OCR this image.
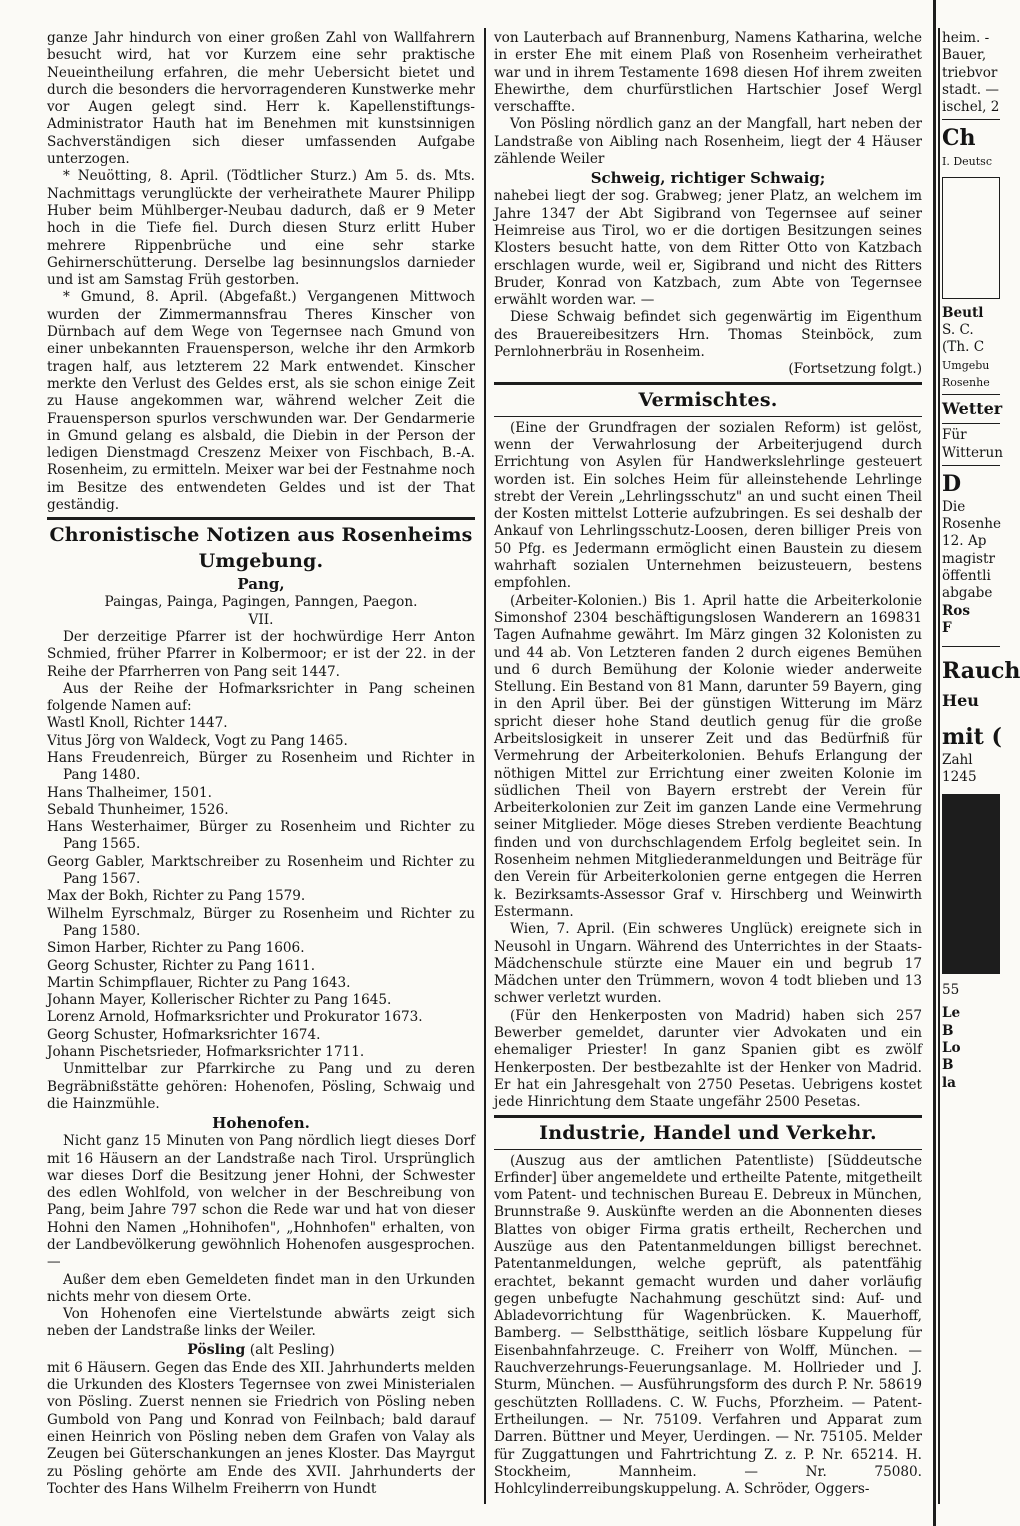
ganze Jahr hindurch von einer großen Zahl von Wallfahrern besucht wird, hat vor Kurzem eine sehr praktische Neueintheilung erfahren, die mehr Uebersicht bietet und durch die besonders die hervorragenderen Kunstwerke mehr vor Augen gelegt sind. Herr k. Kapellenstiftungs-Administrator Hauth hat im Benehmen mit kunstsinnigen Sachverständigen sich dieser umfassenden Aufgabe unterzogen.

* Neuötting, 8. April. (Tödtlicher Sturz.) Am 5. ds. Mts. Nachmittags verunglückte der verheirathete Maurer Philipp Huber beim Mühlberger-Neubau dadurch, daß er 9 Meter hoch in die Tiefe fiel. Durch diesen Sturz erlitt Huber mehrere Rippenbrüche und eine sehr starke Gehirnerschütterung. Derselbe lag besinnungslos darnieder und ist am Samstag Früh gestorben.

* Gmund, 8. April. (Abgefaßt.) Vergangenen Mittwoch wurden der Zimmermannsfrau Theres Kinscher von Dürnbach auf dem Wege von Tegernsee nach Gmund von einer unbekannten Frauensperson, welche ihr den Armkorb tragen half, aus letzterem 22 Mark entwendet. Kinscher merkte den Verlust des Geldes erst, als sie schon einige Zeit zu Hause angekommen war, während welcher Zeit die Frauensperson spurlos verschwunden war. Der Gendarmerie in Gmund gelang es alsbald, die Diebin in der Person der ledigen Dienstmagd Creszenz Meixer von Fischbach, B.-A. Rosenheim, zu ermitteln. Meixer war bei der Festnahme noch im Besitze des entwendeten Geldes und ist der That geständig.

Chronistische Notizen aus Rosenheims Umgebung.
Pang,

Paingas, Painga, Pagingen, Panngen, Paegon.

VII.

Der derzeitige Pfarrer ist der hochwürdige Herr Anton Schmied, früher Pfarrer in Kolbermoor; er ist der 22. in der Reihe der Pfarrherren von Pang seit 1447.

Aus der Reihe der Hofmarksrichter in Pang scheinen folgende Namen auf:

Wastl Knoll, Richter 1447.

Vitus Jörg von Waldeck, Vogt zu Pang 1465.

Hans Freudenreich, Bürger zu Rosenheim und Richter in Pang 1480.

Hans Thalheimer, 1501.

Sebald Thunheimer, 1526.

Hans Westerhaimer, Bürger zu Rosenheim und Richter zu Pang 1565.

Georg Gabler, Marktschreiber zu Rosenheim und Richter zu Pang 1567.

Max der Bokh, Richter zu Pang 1579.

Wilhelm Eyrschmalz, Bürger zu Rosenheim und Richter zu Pang 1580.

Simon Harber, Richter zu Pang 1606.

Georg Schuster, Richter zu Pang 1611.

Martin Schimpflauer, Richter zu Pang 1643.

Johann Mayer, Kollerischer Richter zu Pang 1645.

Lorenz Arnold, Hofmarksrichter und Prokurator 1673.

Georg Schuster, Hofmarksrichter 1674.

Johann Pischetsrieder, Hofmarksrichter 1711.

Unmittelbar zur Pfarrkirche zu Pang und zu deren Begräbnißstätte gehören: Hohenofen, Pösling, Schwaig und die Hainzmühle.

Hohenofen.

Nicht ganz 15 Minuten von Pang nördlich liegt dieses Dorf mit 16 Häusern an der Landstraße nach Tirol. Ursprünglich war dieses Dorf die Besitzung jener Hohni, der Schwester des edlen Wohlfold, von welcher in der Beschreibung von Pang, beim Jahre 797 schon die Rede war und hat von dieser Hohni den Namen „Hohnihofen", „Hohnhofen" erhalten, von der Landbevölkerung gewöhnlich Hohenofen ausgesprochen. —

Außer dem eben Gemeldeten findet man in den Urkunden nichts mehr von diesem Orte.

Von Hohenofen eine Viertelstunde abwärts zeigt sich neben der Landstraße links der Weiler.

Pösling (alt Pesling)

mit 6 Häusern. Gegen das Ende des XII. Jahrhunderts melden die Urkunden des Klosters Tegernsee von zwei Ministerialen von Pösling. Zuerst nennen sie Friedrich von Pösling neben Gumbold von Pang und Konrad von Feilnbach; bald darauf einen Heinrich von Pösling neben dem Grafen von Valay als Zeugen bei Güterschankungen an jenes Kloster. Das Mayrgut zu Pösling gehörte am Ende des XVII. Jahrhunderts der Tochter des Hans Wilhelm Freiherrn von Hundt

von Lauterbach auf Brannenburg, Namens Katharina, welche in erster Ehe mit einem Plaß von Rosenheim verheirathet war und in ihrem Testamente 1698 diesen Hof ihrem zweiten Ehewirthe, dem churfürstlichen Hartschier Josef Wergl verschaffte.

Von Pösling nördlich ganz an der Mangfall, hart neben der Landstraße von Aibling nach Rosenheim, liegt der 4 Häuser zählende Weiler

Schweig, richtiger Schwaig;

nahebei liegt der sog. Grabweg; jener Platz, an welchem im Jahre 1347 der Abt Sigibrand von Tegernsee auf seiner Heimreise aus Tirol, wo er die dortigen Besitzungen seines Klosters besucht hatte, von dem Ritter Otto von Katzbach erschlagen wurde, weil er, Sigibrand und nicht des Ritters Bruder, Konrad von Katzbach, zum Abte von Tegernsee erwählt worden war. —

Diese Schwaig befindet sich gegenwärtig im Eigenthum des Brauereibesitzers Hrn. Thomas Steinböck, zum Pernlohnerbräu in Rosenheim.

(Fortsetzung folgt.)

Vermischtes.

(Eine der Grundfragen der sozialen Reform) ist gelöst, wenn der Verwahrlosung der Arbeiterjugend durch Errichtung von Asylen für Handwerkslehrlinge gesteuert worden ist. Ein solches Heim für alleinstehende Lehrlinge strebt der Verein „Lehrlingsschutz" an und sucht einen Theil der Kosten mittelst Lotterie aufzubringen. Es sei deshalb der Ankauf von Lehrlingsschutz-Loosen, deren billiger Preis von 50 Pfg. es Jedermann ermöglicht einen Baustein zu diesem wahrhaft sozialen Unternehmen beizusteuern, bestens empfohlen.

(Arbeiter-Kolonien.) Bis 1. April hatte die Arbeiterkolonie Simonshof 2304 beschäftigungslosen Wanderern an 169831 Tagen Aufnahme gewährt. Im März gingen 32 Kolonisten zu und 44 ab. Von Letzteren fanden 2 durch eigenes Bemühen und 6 durch Bemühung der Kolonie wieder anderweite Stellung. Ein Bestand von 81 Mann, darunter 59 Bayern, ging in den April über. Bei der günstigen Witterung im März spricht dieser hohe Stand deutlich genug für die große Arbeitslosigkeit in unserer Zeit und das Bedürfniß für Vermehrung der Arbeiterkolonien. Behufs Erlangung der nöthigen Mittel zur Errichtung einer zweiten Kolonie im südlichen Theil von Bayern erstrebt der Verein für Arbeiterkolonien zur Zeit im ganzen Lande eine Vermehrung seiner Mitglieder. Möge dieses Streben verdiente Beachtung finden und von durchschlagendem Erfolg begleitet sein. In Rosenheim nehmen Mitgliederanmeldungen und Beiträge für den Verein für Arbeiterkolonien gerne entgegen die Herren k. Bezirksamts-Assessor Graf v. Hirschberg und Weinwirth Estermann.

Wien, 7. April. (Ein schweres Unglück) ereignete sich in Neusohl in Ungarn. Während des Unterrichtes in der Staats-Mädchenschule stürzte eine Mauer ein und begrub 17 Mädchen unter den Trümmern, wovon 4 todt blieben und 13 schwer verletzt wurden.

(Für den Henkerposten von Madrid) haben sich 257 Bewerber gemeldet, darunter vier Advokaten und ein ehemaliger Priester! In ganz Spanien gibt es zwölf Henkerposten. Der bestbezahlte ist der Henker von Madrid. Er hat ein Jahresgehalt von 2750 Pesetas. Uebrigens kostet jede Hinrichtung dem Staate ungefähr 2500 Pesetas.

Industrie, Handel und Verkehr.

(Auszug aus der amtlichen Patentliste) [Süddeutsche Erfinder] über angemeldete und ertheilte Patente, mitgetheilt vom Patent- und technischen Bureau E. Debreux in München, Brunnstraße 9. Auskünfte werden an die Abonnenten dieses Blattes von obiger Firma gratis ertheilt, Recherchen und Auszüge aus den Patentanmeldungen billigst berechnet. Patentanmeldungen, welche geprüft, als patentfähig erachtet, bekannt gemacht wurden und daher vorläufig gegen unbefugte Nachahmung geschützt sind: Auf- und Abladevorrichtung für Wagenbrücken. K. Mauerhoff, Bamberg. — Selbstthätige, seitlich lösbare Kuppelung für Eisenbahnfahrzeuge. C. Freiherr von Wolff, München. — Rauchverzehrungs-Feuerungsanlage. M. Hollrieder und J. Sturm, München. — Ausführungsform des durch P. Nr. 58619 geschützten Rollladens. C. W. Fuchs, Pforzheim. — Patent-Ertheilungen. — Nr. 75109. Verfahren und Apparat zum Darren. Büttner und Meyer, Uerdingen. — Nr. 75105. Melder für Zuggattungen und Fahrtrichtung Z. z. P. Nr. 65214. H. Stockheim, Mannheim. — Nr. 75080. Hohlcylinderreibungskuppelung. A. Schröder, Oggers-

heim. -

Bauer,

triebvor

stadt. —

ischel, 2

Ch

I. Deutsc

Beutl

S. C.

(Th. C

Umgebu

Rosenhe

Wetter

Für

Witterun

D

Die

Rosenhe

12. Ap

magistr

öffentli

abgabe

Ros

F

Rauch

Heu

mit (

Zahl

1245

55

Le

B

Lo

B

la
